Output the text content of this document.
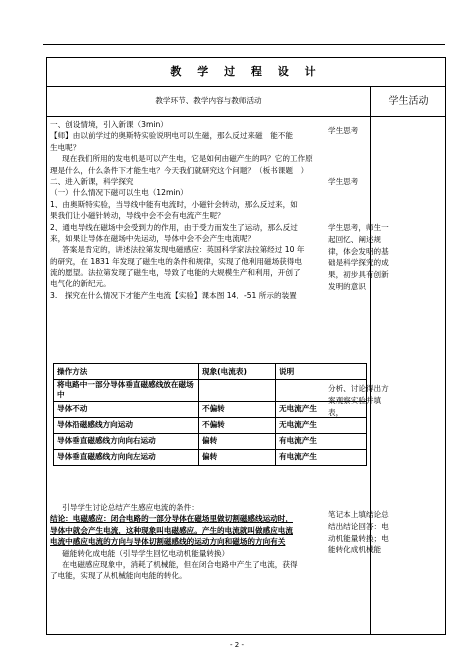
教 学 过 程 设 计
教学环节、教学内容与教师活动	学生活动

一、创设情境，引入新课（3min）

【师】由以前学过的奥斯特实验说明电可以生磁，那么反过来磁　能不能

生电呢？

现在我们所用的发电机是可以产生电，它是如何由磁产生的吗？它的工作原

理是什么，什么条件下才能生电？今天我们就研究这个问题？（板书课题　）

二、进入新课，科学探究

（一）什么情况下磁可以生电（12min）

1、由奥斯特实验，当导线中能有电流时，小磁针会转动，那么反过来，如

果我们让小磁针转动，导线中会不会有电流产生呢？

2、通电导线在磁场中会受到力的作用，由于受力而发生了运动，那么反过

来，如果让导体在磁场中先运动，导体中会不会产生电流呢？

答案是肯定的，讲述法拉第发现电磁感应：英国科学家法拉第经过 10 年

的研究，在 1831 年发现了磁生电的条件和规律，实现了他利用磁场获得电

流的愿望。法拉第发现了磁生电，导致了电能的大规模生产和利用，开创了

电气化的新纪元。

3.　探究在什么情况下才能产生电流【实验】课本图 14．-51 所示的装置

操作方法	现象(电流表)	说明
将电路中一部分导体垂直磁感线放在磁场中		
导体不动	不偏转	无电流产生
导体沿磁感线方向运动	不偏转	无电流产生
导体垂直磁感线方向向右运动	偏转	有电流产生
导体垂直磁感线方向向左运动	偏转	有电流产生

引导学生讨论总结产生感应电流的条件：

结论：电磁感应：闭合电路的一部分导体在磁场里做切割磁感线运动时，

导体中就会产生电流，这种现象叫电磁感应。产生的电流就叫做感应电流

电流中感应电流的方向与导体切割磁感线的运动方向和磁场的方向有关

磁能转化成电能（引导学生回忆电动机能量转换）

在电磁感应现象中，消耗了机械能，但在闭合电路中产生了电流，获得

了电能，实现了从机械能向电能的转化。

学生思考
学生思考
学生思考，师生一起回忆、阐述规律，体会发明的基础是科学探究的成果，初步具有创新发明的意识
分析、讨论得出方案观察实验并填表，
笔记本上填结论总结出结论回答：电动机能量转换；电能转化成机械能
- 2 -
